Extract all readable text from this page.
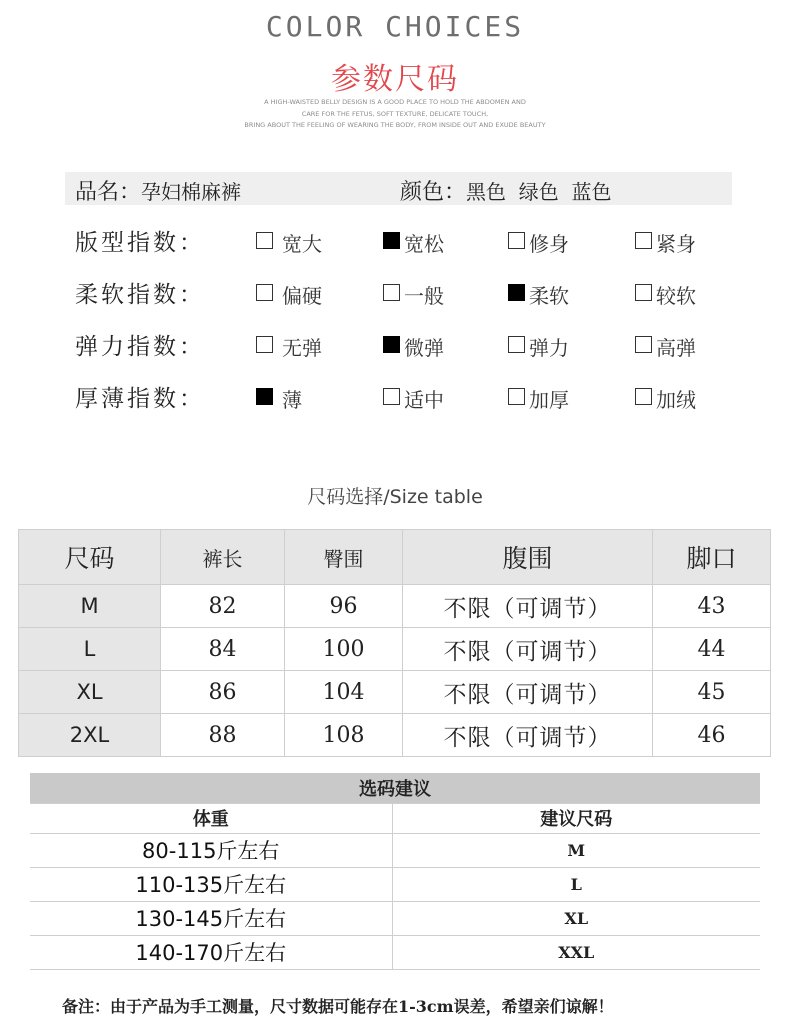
COLOR CHOICES
参数尺码
A HIGH-WAISTED BELLY DESIGN IS A GOOD PLACE TO HOLD THE ABDOMEN AND
CARE FOR THE FETUS, SOFT TEXTURE, DELICATE TOUCH,
BRING ABOUT THE FEELING OF WEARING THE BODY, FROM INSIDE OUT AND EXUDE BEAUTY
品名：孕妇棉麻裤	颜色：黑色  绿色  蓝色
版型指数：	宽大	宽松	修身	紧身
柔软指数：	偏硬	一般	柔软	较软
弹力指数：	无弹	微弹	弹力	高弹
厚薄指数：	薄	适中	加厚	加绒
尺码选择/Size table
尺码	裤长	臀围	腹围	脚口
M	82	96	不限（可调节）	43
L	84	100	不限（可调节）	44
XL	86	104	不限（可调节）	45
2XL	88	108	不限（可调节）	46
选码建议	
体重	建议尺码
80-115斤左右	M
110-135斤左右	L
130-145斤左右	XL
140-170斤左右	XXL
备注：由于产品为手工测量，尺寸数据可能存在1-3cm误差，希望亲们谅解！
